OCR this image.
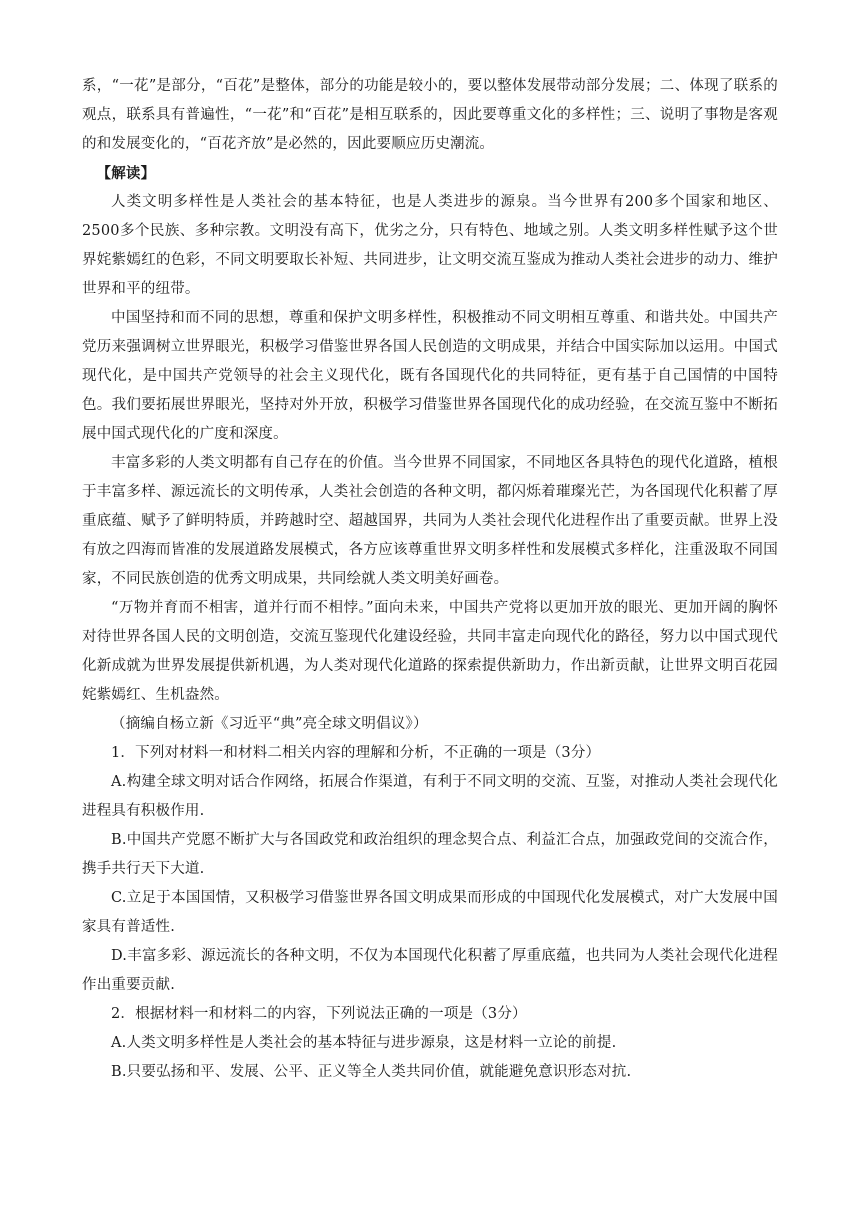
系，“一花”是部分，“百花”是整体，部分的功能是较小的，要以整体发展带动部分发展；二、体现了联系的观点，联系具有普遍性，“一花”和“百花”是相互联系的，因此要尊重文化的多样性；三、说明了事物是客观的和发展变化的，“百花齐放”是必然的，因此要顺应历史潮流。

【解读】

人类文明多样性是人类社会的基本特征，也是人类进步的源泉。当今世界有200多个国家和地区、2500多个民族、多种宗教。文明没有高下，优劣之分，只有特色、地域之别。人类文明多样性赋予这个世界姹紫嫣红的色彩，不同文明要取长补短、共同进步，让文明交流互鉴成为推动人类社会进步的动力、维护世界和平的纽带。

中国坚持和而不同的思想，尊重和保护文明多样性，积极推动不同文明相互尊重、和谐共处。中国共产党历来强调树立世界眼光，积极学习借鉴世界各国人民创造的文明成果，并结合中国实际加以运用。中国式现代化，是中国共产党领导的社会主义现代化，既有各国现代化的共同特征，更有基于自己国情的中国特色。我们要拓展世界眼光，坚持对外开放，积极学习借鉴世界各国现代化的成功经验，在交流互鉴中不断拓展中国式现代化的广度和深度。

丰富多彩的人类文明都有自己存在的价值。当今世界不同国家，不同地区各具特色的现代化道路，植根于丰富多样、源远流长的文明传承，人类社会创造的各种文明，都闪烁着璀璨光芒，为各国现代化积蓄了厚重底蕴、赋予了鲜明特质，并跨越时空、超越国界，共同为人类社会现代化进程作出了重要贡献。世界上没有放之四海而皆准的发展道路发展模式，各方应该尊重世界文明多样性和发展模式多样化，注重汲取不同国家，不同民族创造的优秀文明成果，共同绘就人类文明美好画卷。

“万物并育而不相害，道并行而不相悖。”面向未来，中国共产党将以更加开放的眼光、更加开阔的胸怀对待世界各国人民的文明创造，交流互鉴现代化建设经验，共同丰富走向现代化的路径，努力以中国式现代化新成就为世界发展提供新机遇，为人类对现代化道路的探索提供新助力，作出新贡献，让世界文明百花园姹紫嫣红、生机盎然。

（摘编自杨立新《习近平“典”亮全球文明倡议》）

1．下列对材料一和材料二相关内容的理解和分析，不正确的一项是（3分）

A.构建全球文明对话合作网络，拓展合作渠道，有利于不同文明的交流、互鉴，对推动人类社会现代化进程具有积极作用.

B.中国共产党愿不断扩大与各国政党和政治组织的理念契合点、利益汇合点，加强政党间的交流合作，携手共行天下大道.

C.立足于本国国情，又积极学习借鉴世界各国文明成果而形成的中国现代化发展模式，对广大发展中国家具有普适性.

D.丰富多彩、源远流长的各种文明，不仅为本国现代化积蓄了厚重底蕴，也共同为人类社会现代化进程作出重要贡献.

2．根据材料一和材料二的内容，下列说法正确的一项是（3分）

A.人类文明多样性是人类社会的基本特征与进步源泉，这是材料一立论的前提.

B.只要弘扬和平、发展、公平、正义等全人类共同价值，就能避免意识形态对抗.
